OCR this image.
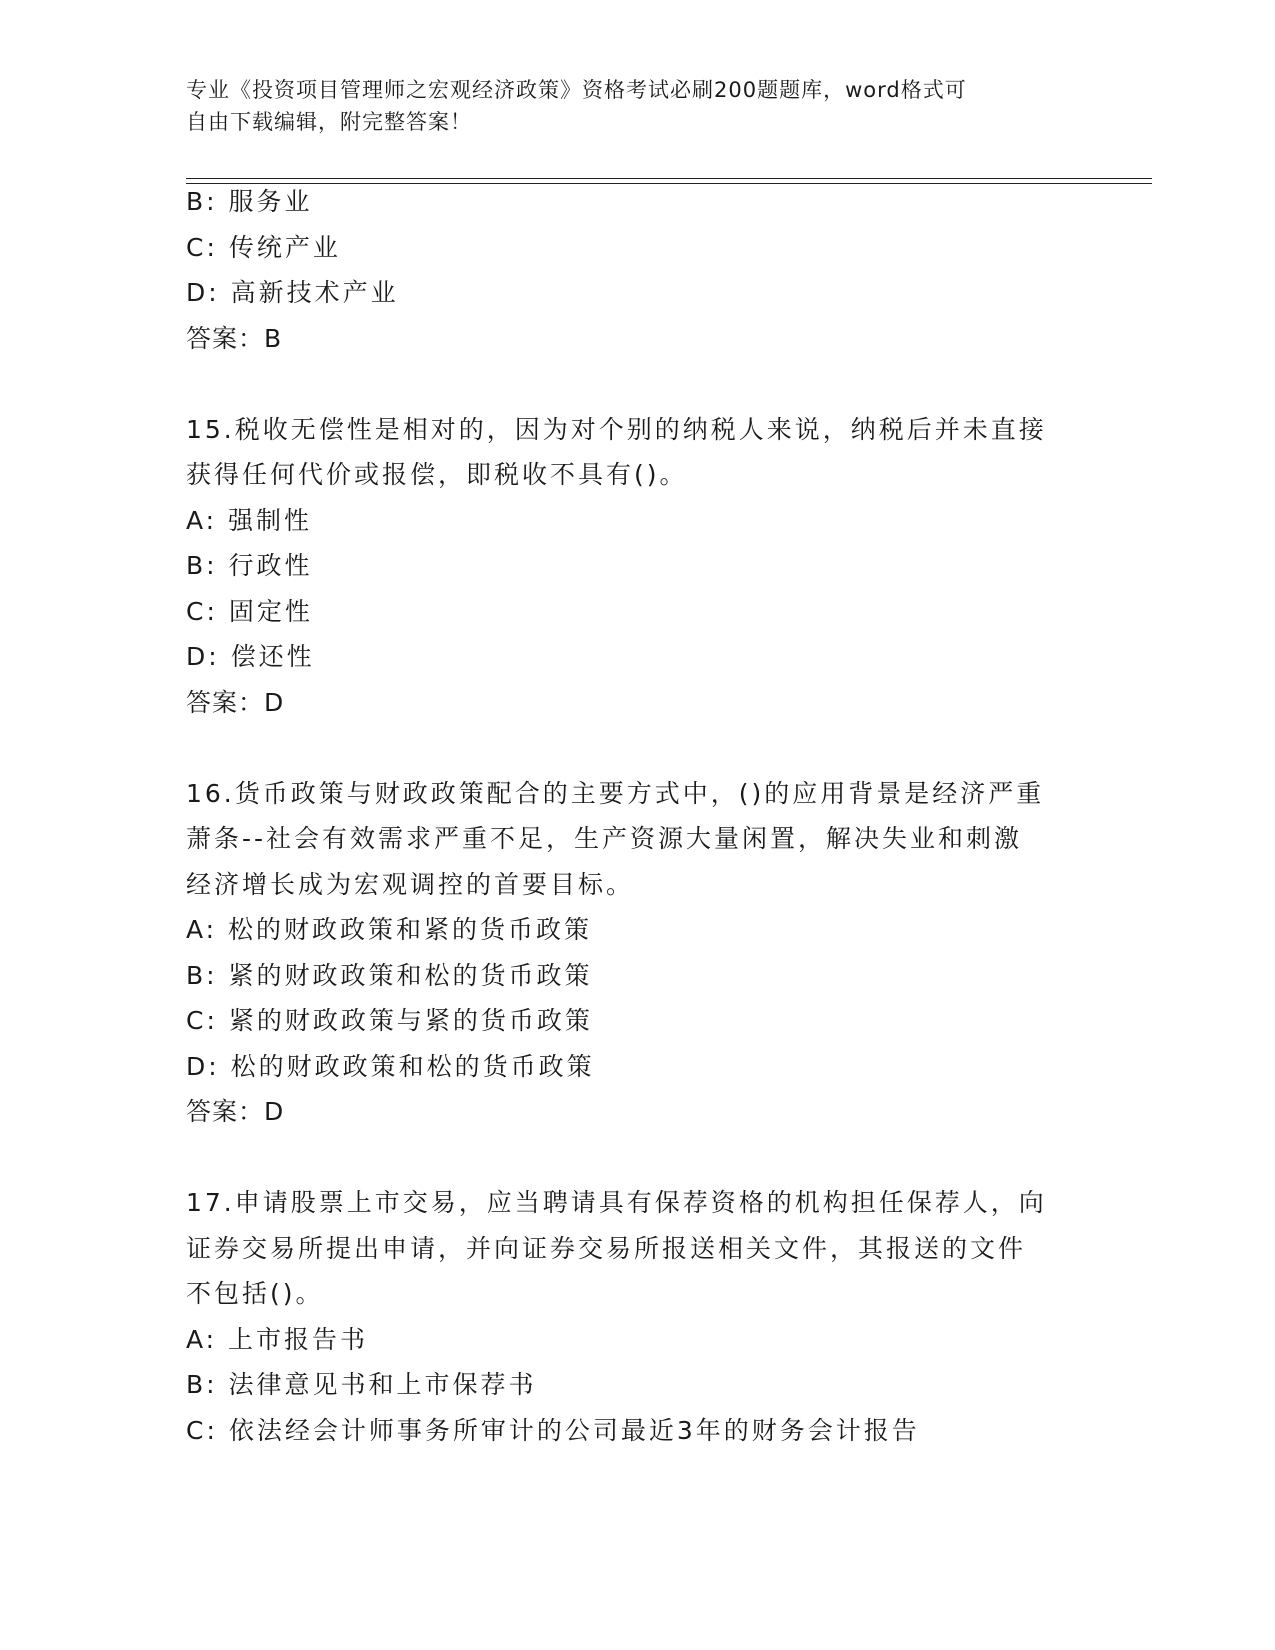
专业《投资项目管理师之宏观经济政策》资格考试必刷200题题库，word格式可
自由下载编辑，附完整答案！
B: 服务业
C: 传统产业
D: 高新技术产业
答案：B
15.税收无偿性是相对的，因为对个别的纳税人来说，纳税后并未直接
获得任何代价或报偿，即税收不具有()。
A: 强制性
B: 行政性
C: 固定性
D: 偿还性
答案：D
16.货币政策与财政政策配合的主要方式中，()的应用背景是经济严重
萧条--社会有效需求严重不足，生产资源大量闲置，解决失业和刺激
经济增长成为宏观调控的首要目标。
A: 松的财政政策和紧的货币政策
B: 紧的财政政策和松的货币政策
C: 紧的财政政策与紧的货币政策
D: 松的财政政策和松的货币政策
答案：D
17.申请股票上市交易，应当聘请具有保荐资格的机构担任保荐人，向
证券交易所提出申请，并向证券交易所报送相关文件，其报送的文件
不包括()。
A: 上市报告书
B: 法律意见书和上市保荐书
C: 依法经会计师事务所审计的公司最近3年的财务会计报告
